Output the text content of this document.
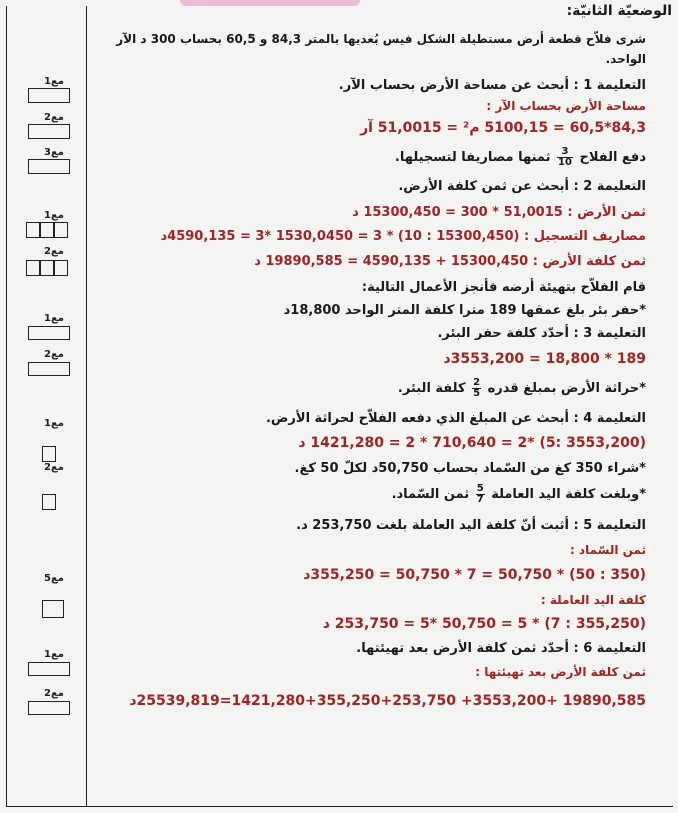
الوضعيّة الثانيّة:
شرى فلاّح قطعة أرض مستطيلة الشكل فيس بُعديها بالمتر 84,3 و 60,5 بحساب 300 د الآر
الواحد.
التعليمة 1 : أبحث عن مساحة الأرض بحساب الآر.
مساحة الأرض بحساب الآر :
84,3*60,5 = 5100,15 م² = 51,0015 آر
دفع الفلاح
$\frac{3}{10}$
ثمنها مصاريفا لتسجيلها.
التعليمة 2 : أبحث عن ثمن كلفة الأرض.
ثمن الأرض : 51,0015 * 300 = 15300,450 د
مصاريف التسجيل : (15300,450 : 10) * 3 = 1530,0450 *3 = 4590,135د
ثمن كلفة الأرض : 15300,450 + 4590,135 = 19890,585 د
قام الفلاّح بتهيئة أرضه فأنجز الأعمال التالية:
*حفر بئر بلغ عمقها 189 مترا كلفة المتر الواحد 18,800د
التعليمة 3 : أحدّد كلفة حفر البئر.
189 * 18,800 = 3553,200د
*حراثة الأرض بمبلغ قدره
$\frac{2}{5}$
كلفة البئر.
التعليمة 4 : أبحث عن المبلغ الذي دفعه الفلاّح لحراثة الأرض.
(3553,200 :5) *2 = 710,640 * 2 = 1421,280 د
*شراء 350 كغ من السّماد بحساب 50,750د لكلّ 50 كغ.
*وبلغت كلفة اليد العاملة
$\frac{5}{7}$
ثمن السّماد.
التعليمة 5 : أثبت أنّ كلفة اليد العاملة بلغت 253,750 د.
ثمن السّماد :
(350 : 50) * 50,750 = 7 * 50,750 = 355,250د
كلفة اليد العاملة :
(355,250 : 7) * 5 = 50,750 *5 = 253,750 د
التعليمة 6 : أحدّد ثمن كلفة الأرض بعد تهيئتها.
ثمن كلفة الأرض بعد تهيئتها :
19890,585 +3553,200+ 1421,280+355,250+253,750=25539,819د
مع1
مع2
مع3
مع1
مع2
مع1
مع2
مع1
مع2
مع5
مع1
مع2
